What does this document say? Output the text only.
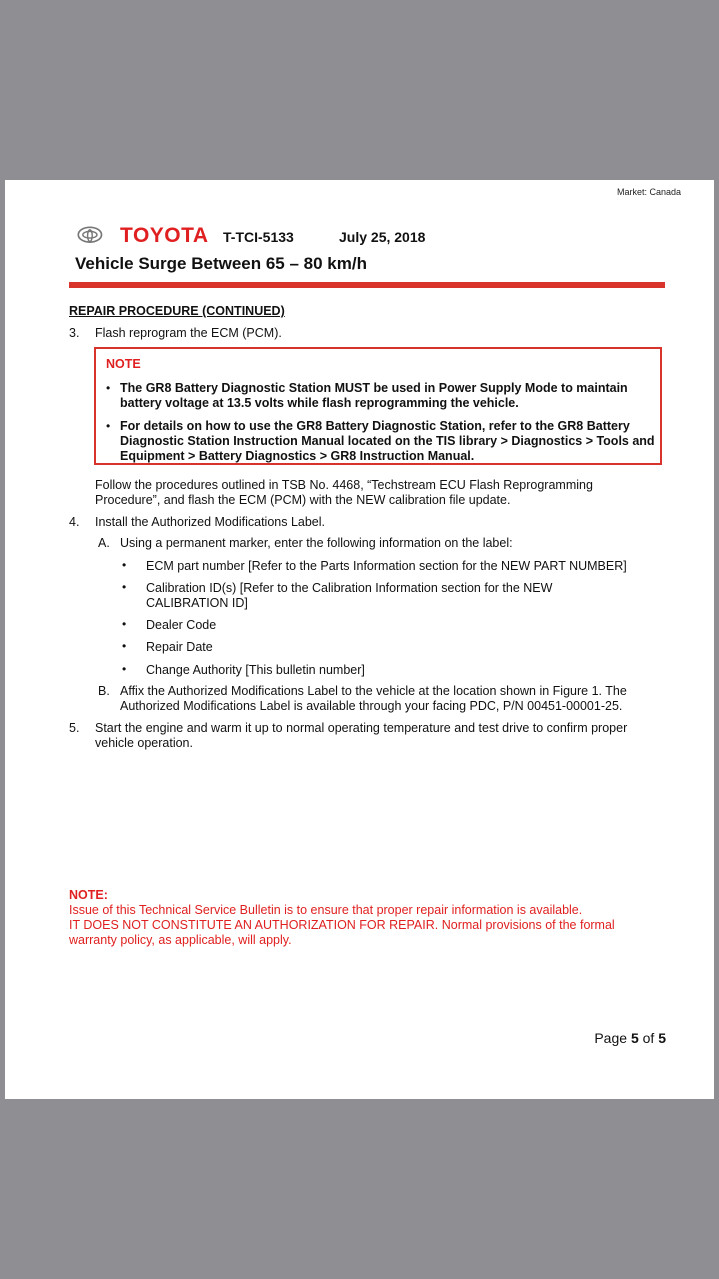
Market: Canada
TOYOTA T-TCI-5133	July 25, 2018
Vehicle Surge Between 65 – 80 km/h
REPAIR PROCEDURE (CONTINUED)
3. Flash reprogram the ECM (PCM).
NOTE
• The GR8 Battery Diagnostic Station MUST be used in Power Supply Mode to maintain
battery voltage at 13.5 volts while flash reprogramming the vehicle.
• For details on how to use the GR8 Battery Diagnostic Station, refer to the GR8 Battery
Diagnostic Station Instruction Manual located on the TIS library > Diagnostics > Tools and
Equipment > Battery Diagnostics > GR8 Instruction Manual.
Follow the procedures outlined in TSB No. 4468, “Techstream ECU Flash Reprogramming
Procedure”, and flash the ECM (PCM) with the NEW calibration file update.
4. Install the Authorized Modifications Label.
A. Using a permanent marker, enter the following information on the label:
• ECM part number [Refer to the Parts Information section for the NEW PART NUMBER]
• Calibration ID(s) [Refer to the Calibration Information section for the NEW
CALIBRATION ID]
• Dealer Code
• Repair Date
• Change Authority [This bulletin number]
B. Affix the Authorized Modifications Label to the vehicle at the location shown in Figure 1. The
Authorized Modifications Label is available through your facing PDC, P/N 00451-00001-25.
5. Start the engine and warm it up to normal operating temperature and test drive to confirm proper
vehicle operation.
NOTE:
Issue of this Technical Service Bulletin is to ensure that proper repair information is available.
IT DOES NOT CONSTITUTE AN AUTHORIZATION FOR REPAIR. Normal provisions of the formal
warranty policy, as applicable, will apply.
Page 5 of 5
